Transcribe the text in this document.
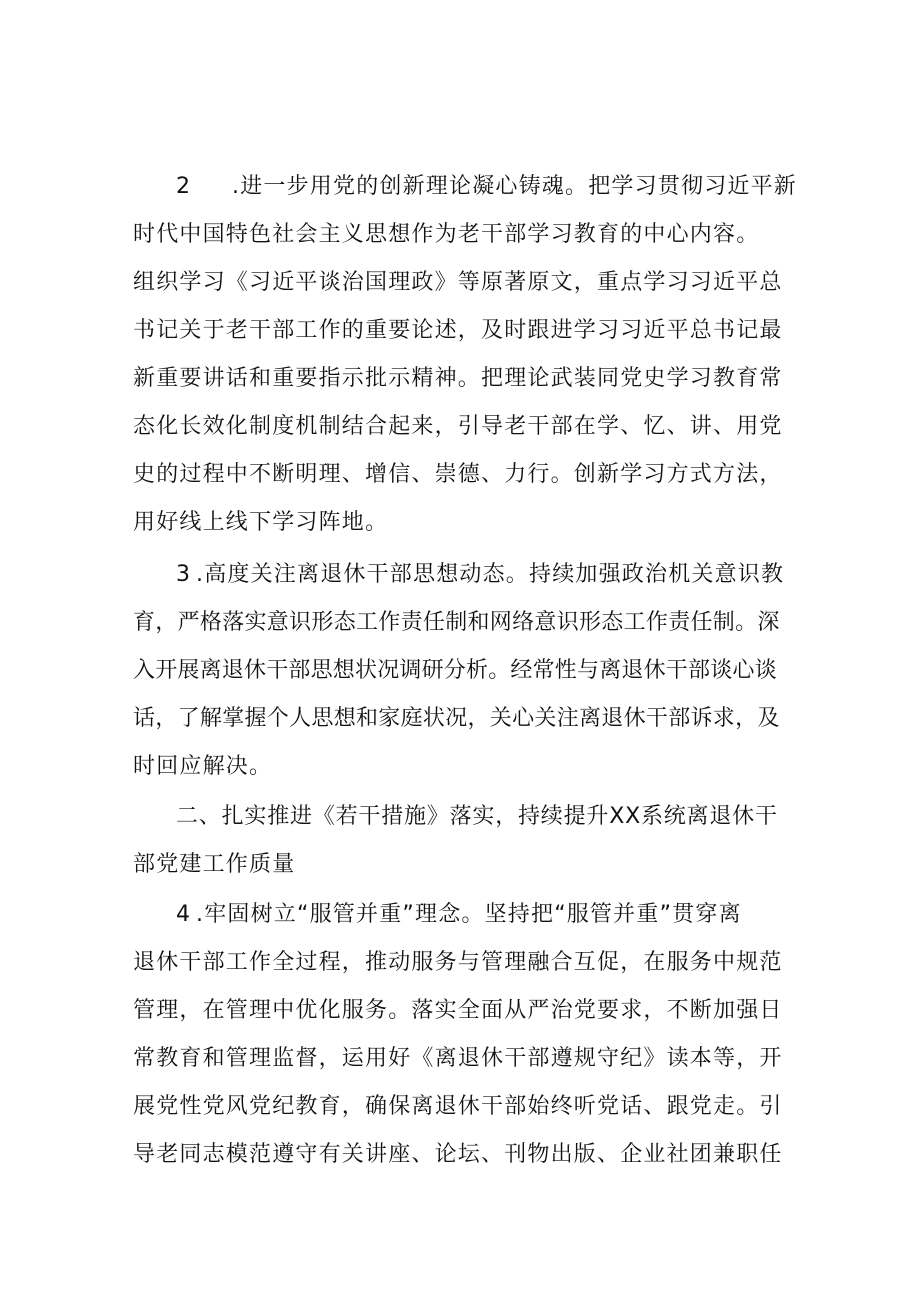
2 .进一步用党的创新理论凝心铸魂。把学习贯彻习近平新
时代中国特色社会主义思想作为老干部学习教育的中心内容。
组织学习《习近平谈治国理政》等原著原文，重点学习习近平总
书记关于老干部工作的重要论述，及时跟进学习习近平总书记最
新重要讲话和重要指示批示精神。把理论武装同党史学习教育常
态化长效化制度机制结合起来，引导老干部在学、忆、讲、用党
史的过程中不断明理、增信、崇德、力行。创新学习方式方法，
用好线上线下学习阵地。
3 .高度关注离退休干部思想动态。持续加强政治机关意识教
育，严格落实意识形态工作责任制和网络意识形态工作责任制。深
入开展离退休干部思想状况调研分析。经常性与离退休干部谈心谈
话，了解掌握个人思想和家庭状况，关心关注离退休干部诉求，及
时回应解决。
二、扎实推进《若干措施》落实，持续提升XX系统离退休干
部党建工作质量
4 .牢固树立“服管并重”理念。坚持把“服管并重”贯穿离
退休干部工作全过程，推动服务与管理融合互促，在服务中规范
管理，在管理中优化服务。落实全面从严治党要求，不断加强日
常教育和管理监督，运用好《离退休干部遵规守纪》读本等，开
展党性党风党纪教育，确保离退休干部始终听党话、跟党走。引
导老同志模范遵守有关讲座、论坛、刊物出版、企业社团兼职任
